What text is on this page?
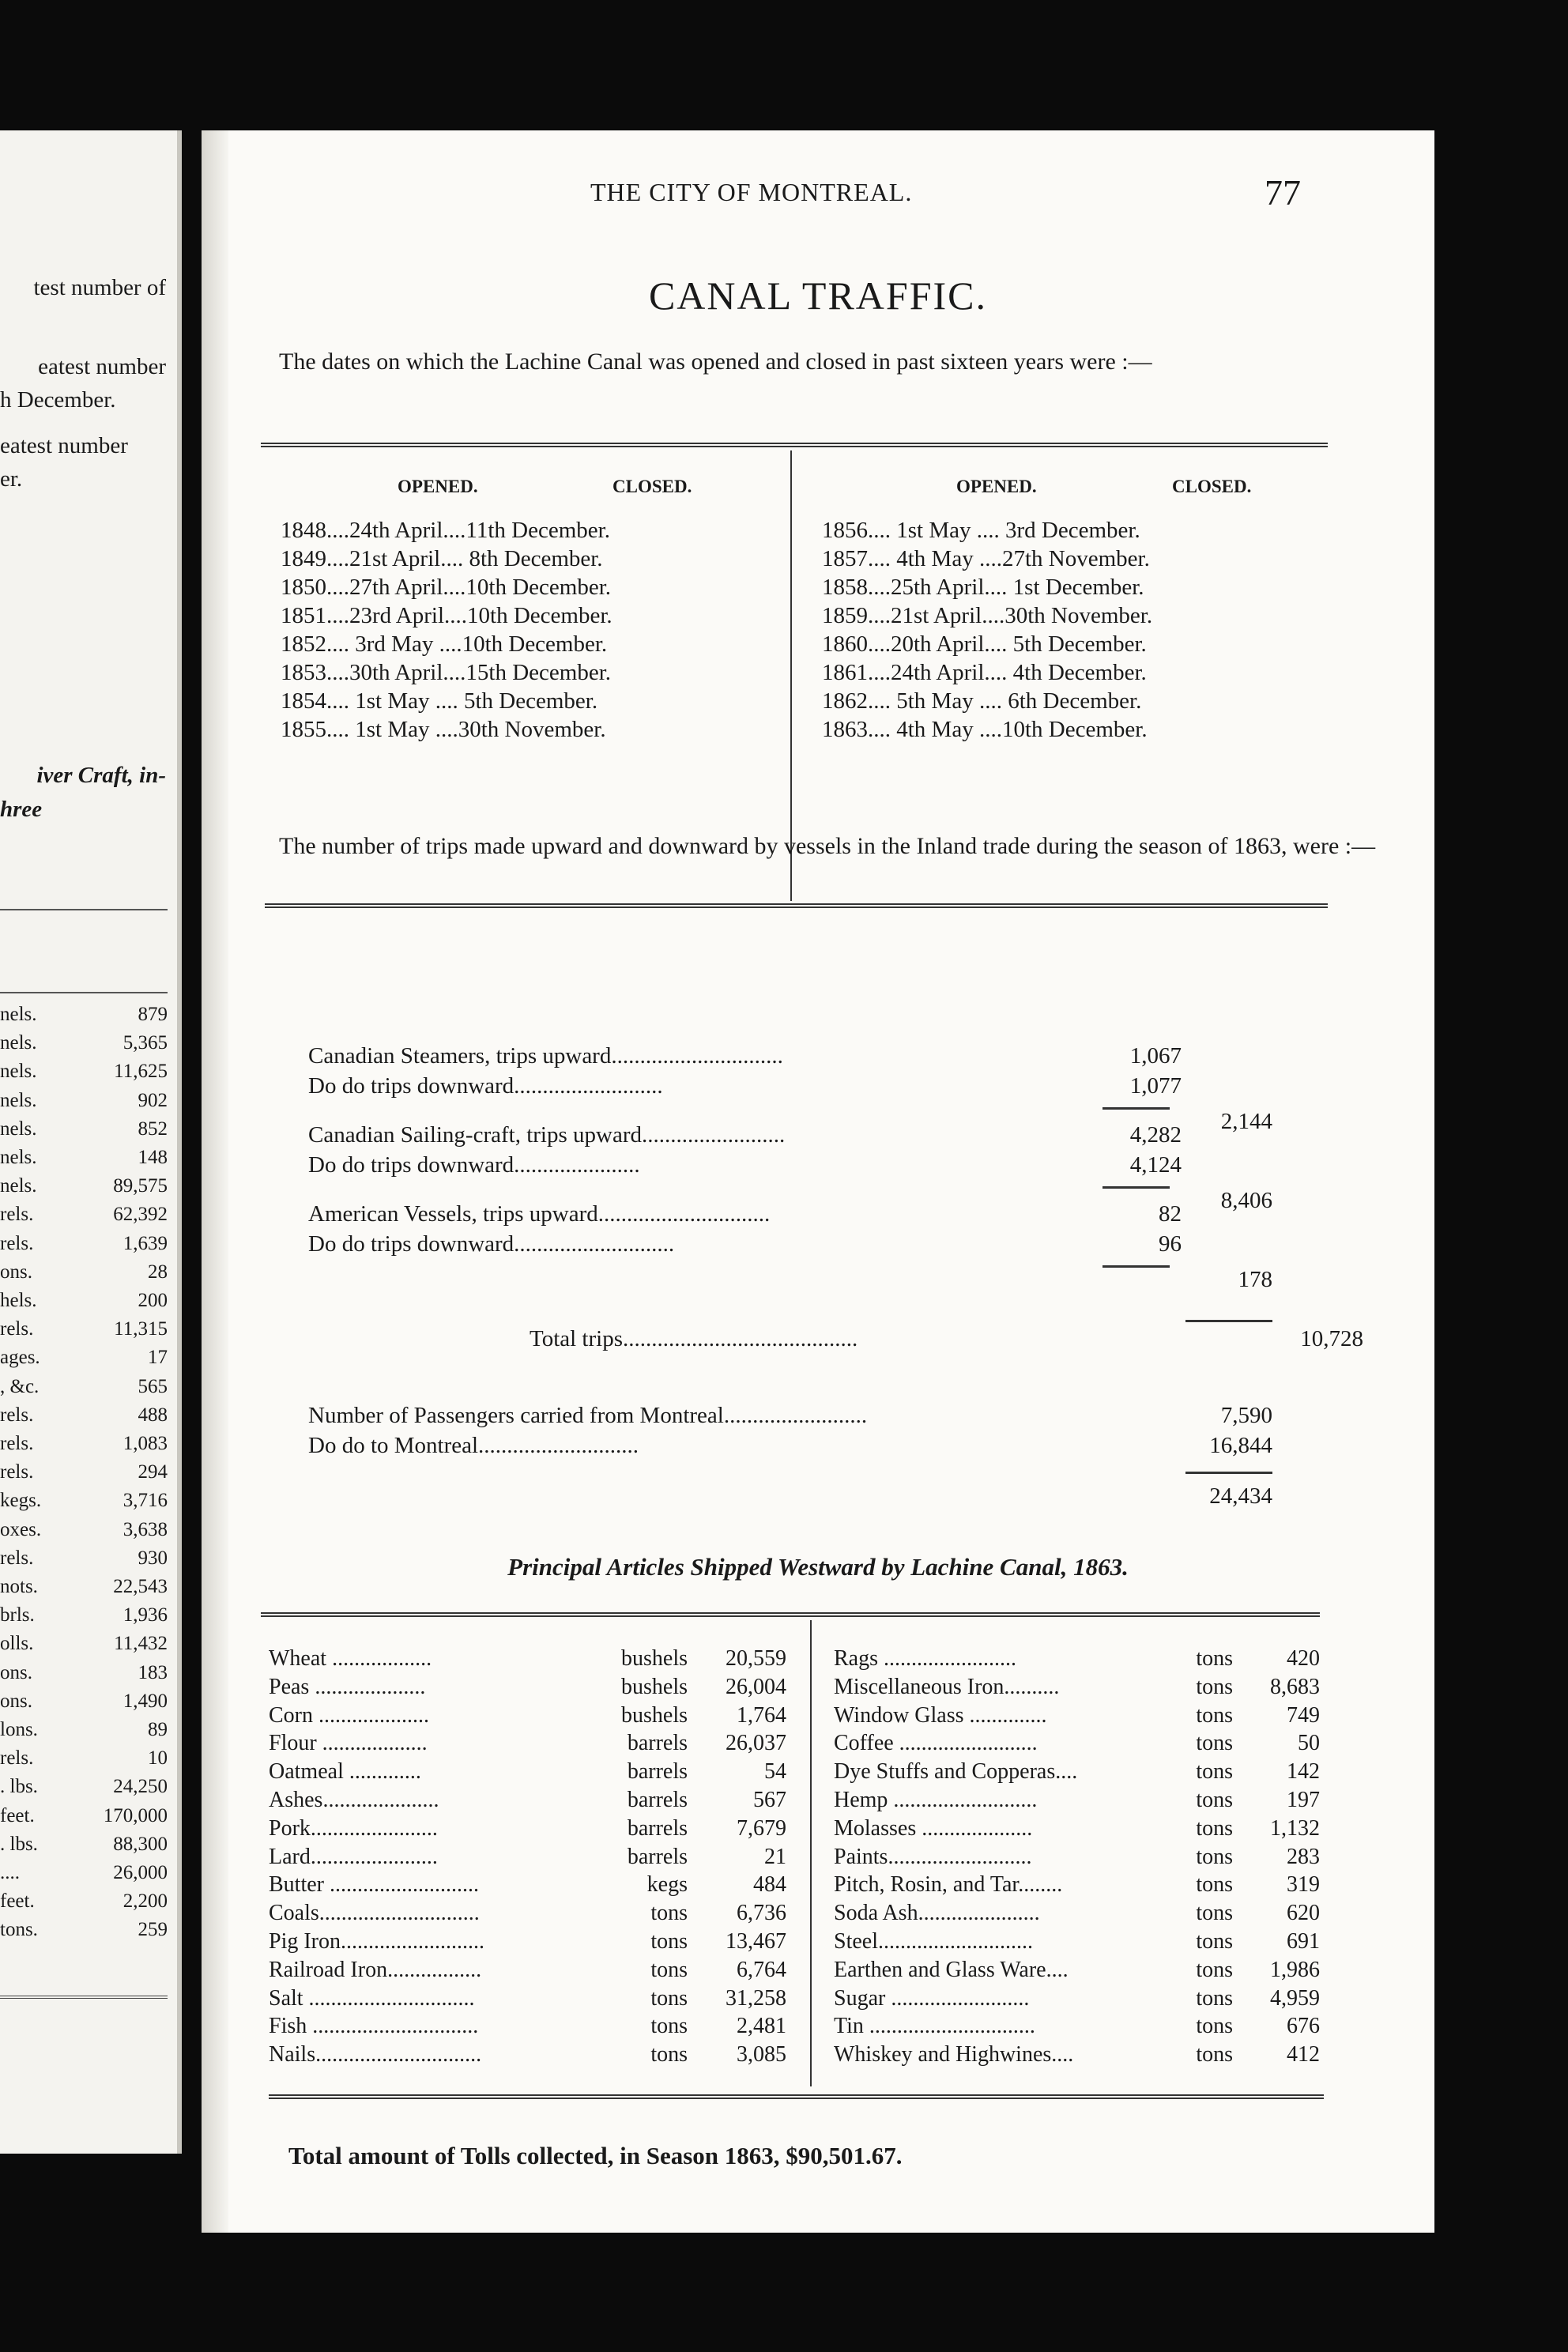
test number of
eatest number
h December.
eatest number
er.
iver Craft, in-
hree
nels.	879
nels.	5,365
nels.	11,625
nels.	902
nels.	852
nels.	148
nels.	89,575
rels.	62,392
rels.	1,639
ons.	28
hels.	200
rels.	11,315
ages.	17
, &c.	565
rels.	488
rels.	1,083
rels.	294
kegs.	3,716
oxes.	3,638
rels.	930
nots.	22,543
brls.	1,936
olls.	11,432
ons.	183
ons.	1,490
lons.	89
rels.	10
. lbs.	24,250
feet.	170,000
. lbs.	88,300
....	26,000
feet.	2,200
tons.	259
THE CITY OF MONTREAL.	77
CANAL TRAFFIC.
The dates on which the Lachine Canal was opened and closed in past sixteen years were :—
OPENED.	CLOSED.	OPENED.	CLOSED.
1848....24th April....11th December.
1849....21st April.... 8th December.
1850....27th April....10th December.
1851....23rd April....10th December.
1852.... 3rd May ....10th December.
1853....30th April....15th December.
1854.... 1st May .... 5th December.
1855.... 1st May ....30th November.
1856.... 1st May .... 3rd December.
1857.... 4th May ....27th November.
1858....25th April.... 1st December.
1859....21st April....30th November.
1860....20th April.... 5th December.
1861....24th April.... 4th December.
1862.... 5th May .... 6th December.
1863.... 4th May ....10th December.
The number of trips made upward and downward by vessels in the Inland trade during the season of 1863, were :—
Canadian Steamers, trips upward..............................	1,067
Do do trips downward..........................	1,077
2,144
Canadian Sailing-craft, trips upward.........................	4,282
Do do trips downward......................	4,124
8,406
American Vessels, trips upward..............................	82
Do do trips downward............................	96
178
Total trips.........................................	10,728
Number of Passengers carried from Montreal.........................	7,590
Do do to Montreal............................	16,844
24,434
Principal Articles Shipped Westward by Lachine Canal, 1863.
Wheat ..................	bushels 20,559
Peas ....................	bushels 26,004
Corn ....................	bushels 1,764
Flour ...................	barrels 26,037
Oatmeal .............	barrels	54
Ashes.....................	barrels	567
Pork.......................	barrels 7,679
Lard.......................	barrels	21
Butter ...........................	kegs	484
Coals.............................	tons 6,736
Pig Iron..........................	tons 13,467
Railroad Iron.................	tons 6,764
Salt ..............................	tons 31,258
Fish ..............................	tons 2,481
Nails..............................	tons 3,085
Rags ........................	tons 420
Miscellaneous Iron..........	tons 8,683
Window Glass ..............	tons 749
Coffee .........................	tons	50
Dye Stuffs and Copperas....	tons 142
Hemp ..........................	tons 197
Molasses ....................	tons 1,132
Paints..........................	tons 283
Pitch, Rosin, and Tar........	tons 319
Soda Ash......................	tons 620
Steel............................	tons 691
Earthen and Glass Ware....	tons 1,986
Sugar .........................	tons 4,959
Tin ..............................	tons 676
Whiskey and Highwines....	tons 412
Total amount of Tolls collected, in Season 1863, $90,501.67.
